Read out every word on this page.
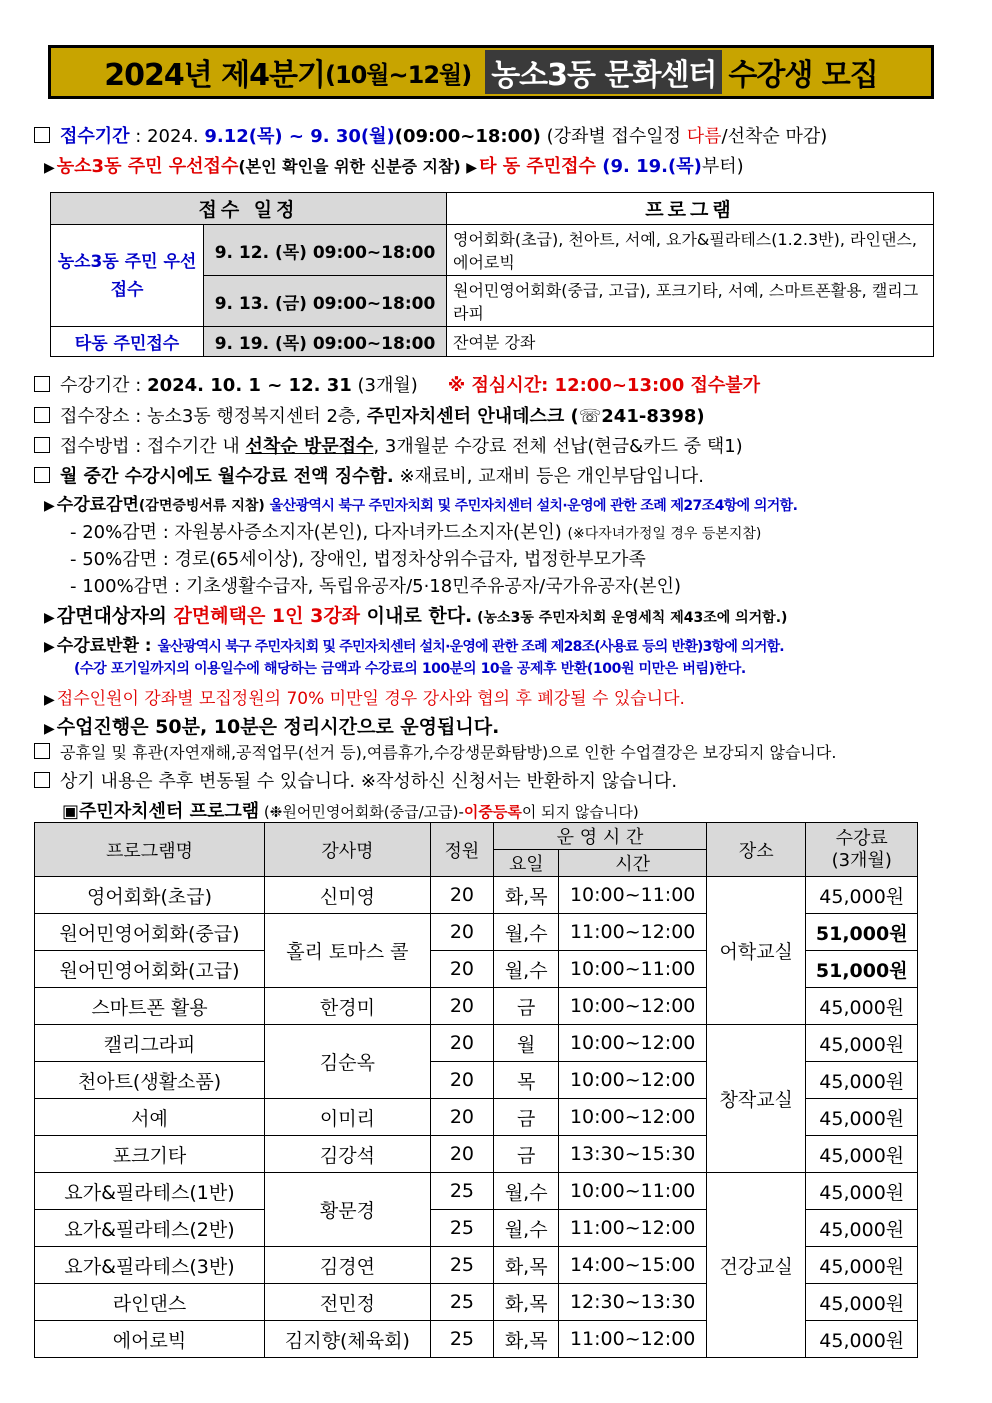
2024년 제4분기 (10월~12월) 농소3동 문화센터 수강생 모집
접수기간 : 2024. 9.12(목) ~ 9. 30(월)(09:00~18:00) (강좌별 접수일정 다름/선착순 마감)
▶ 농소3동 주민 우선접수(본인 확인을 위한 신분증 지참) ▶ 타 동 주민접수 (9. 19.(목)부터)
접수 일정		프로그램
농소3동 주민 우선 접수	9. 12. (목) 09:00~18:00	영어회화(초급), 천아트, 서예, 요가&필라테스(1.2.3반), 라인댄스, 에어로빅
	9. 13. (금) 09:00~18:00	원어민영어회화(중급, 고급), 포크기타, 서예, 스마트폰활용, 캘리그라피
타동 주민접수	9. 19. (목) 09:00~18:00	잔여분 강좌
수강기간 : 2024. 10. 1 ~ 12. 31 (3개월) ※ 점심시간: 12:00~13:00 접수불가
접수장소 : 농소3동 행정복지센터 2층, 주민자치센터 안내데스크 (☏241-8398)
접수방법 : 접수기간 내 선착순 방문접수, 3개월분 수강료 전체 선납(현금&카드 중 택1)
월 중간 수강시에도 월수강료 전액 징수함. ※재료비, 교재비 등은 개인부담입니다.
▶ 수강료감면(감면증빙서류 지참) 울산광역시 북구 주민자치회 및 주민자치센터 설치·운영에 관한 조례 제27조4항에 의거함.
- 20%감면 : 자원봉사증소지자(본인), 다자녀카드소지자(본인) (※다자녀가정일 경우 등본지참)
- 50%감면 : 경로(65세이상), 장애인, 법정차상위수급자, 법정한부모가족
- 100%감면 : 기초생활수급자, 독립유공자/5·18민주유공자/국가유공자(본인)
▶ 감면대상자의 감면혜택은 1인 3강좌 이내로 한다. (농소3동 주민자치회 운영세칙 제43조에 의거함.)
▶ 수강료반환 : 울산광역시 북구 주민자치회 및 주민자치센터 설치·운영에 관한 조례 제28조(사용료 등의 반환)3항에 의거함.
(수강 포기일까지의 이용일수에 해당하는 금액과 수강료의 100분의 10을 공제후 반환(100원 미만은 버림)한다.
▶ 접수인원이 강좌별 모집정원의 70% 미만일 경우 강사와 협의 후 폐강될 수 있습니다.
▶ 수업진행은 50분, 10분은 정리시간으로 운영됩니다.
공휴일 및 휴관(자연재해,공적업무(선거 등),여름휴가,수강생문화탐방)으로 인한 수업결강은 보강되지 않습니다.
상기 내용은 추후 변동될 수 있습니다. ※작성하신 신청서는 반환하지 않습니다.
▣주민자치센터 프로그램 (❉원어민영어회화(중급/고급)-이중등록이 되지 않습니다)
프로그램명	강사명	정원	운 영 시 간		장소	수강료
(3개월)

			요일	시간		
영어회화(초급)	신미영	20	화,목	10:00~11:00	어학교실	45,000원
원어민영어회화(중급)	홀리 토마스 콜	20	월,수	11:00~12:00		51,000원
원어민영어회화(고급)		20	월,수	10:00~11:00		51,000원
스마트폰 활용	한경미	20	금	10:00~12:00		45,000원
캘리그라피	김순옥	20	월	10:00~12:00	창작교실	45,000원
천아트(생활소품)		20	목	10:00~12:00		45,000원
서예	이미리	20	금	10:00~12:00		45,000원
포크기타	김강석	20	금	13:30~15:30		45,000원
요가&필라테스(1반)	황문경	25	월,수	10:00~11:00	건강교실	45,000원
요가&필라테스(2반)		25	월,수	11:00~12:00		45,000원
요가&필라테스(3반)	김경연	25	화,목	14:00~15:00		45,000원
라인댄스	전민정	25	화,목	12:30~13:30		45,000원
에어로빅	김지향(체육회)	25	화,목	11:00~12:00		45,000원
